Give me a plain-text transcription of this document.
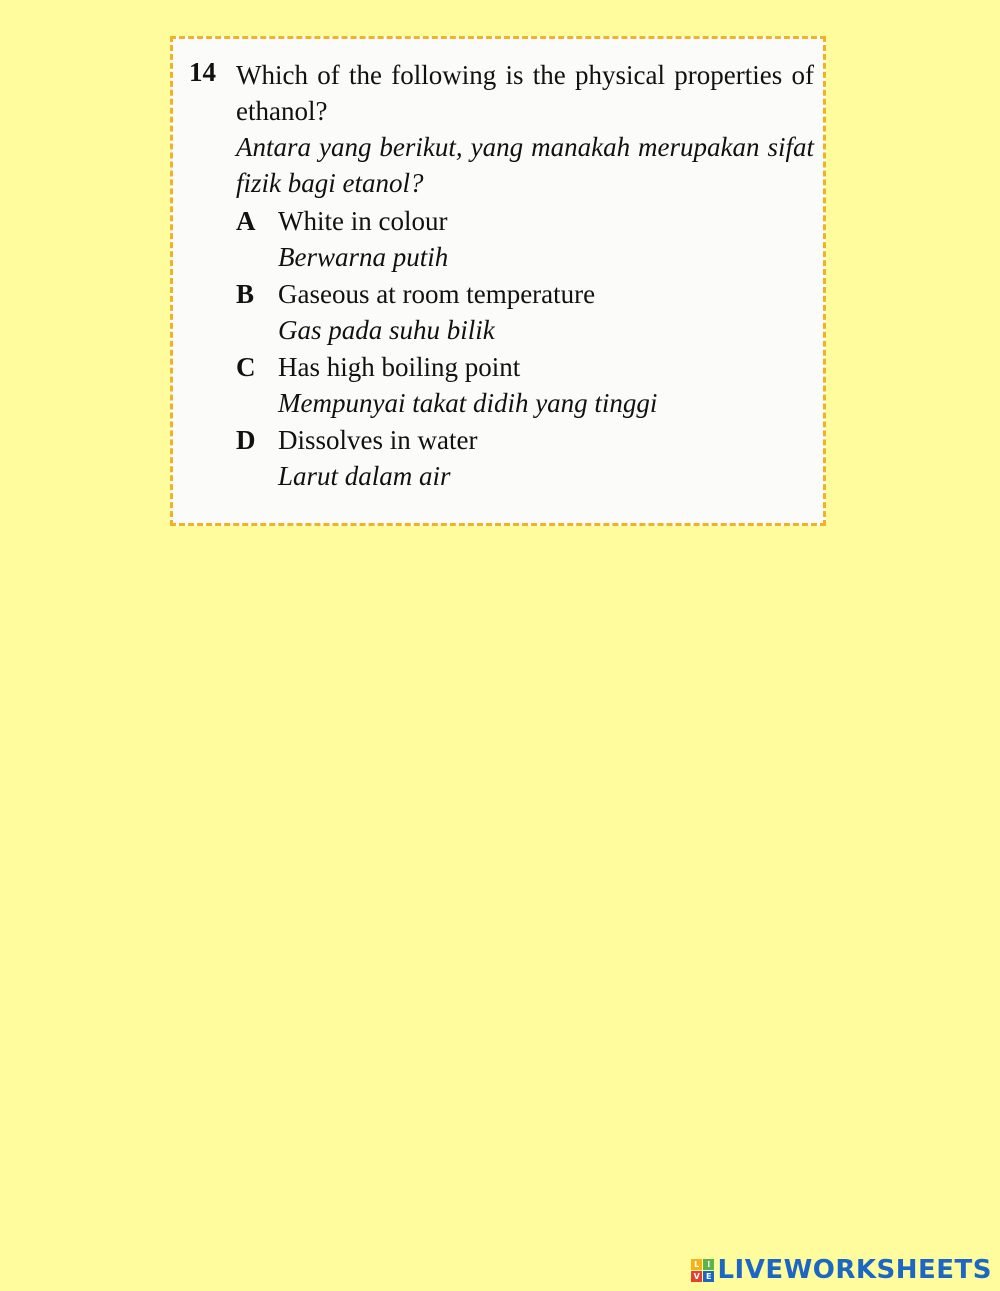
14 Which of the following is the physical properties of ethanol?
Antara yang berikut, yang manakah merupakan sifat fizik bagi etanol?
A White in colour
Berwarna putih
B Gaseous at room temperature
Gas pada suhu bilik
C Has high boiling point
Mempunyai takat didih yang tinggi
D Dissolves in water
Larut dalam air
L I
V E LIVEWORKSHEETS
